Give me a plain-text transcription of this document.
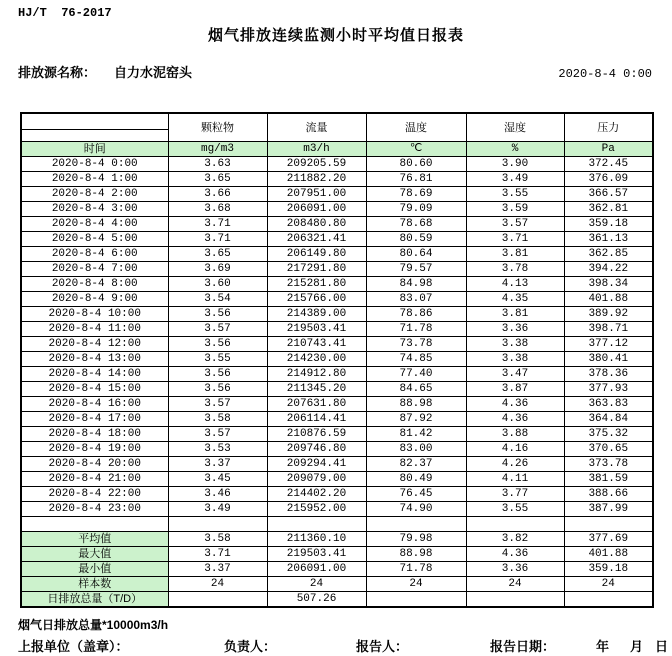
HJ/T  76-2017
烟气排放连续监测小时平均值日报表
排放源名称： 自力水泥窑头	2020-8-4 0:00
	颗粒物	流量	温度	湿度	压力

时间	mg/m3	m3/h	℃	%	Pa
2020-8-4 0:00	3.63	209205.59	80.60	3.90	372.45
2020-8-4 1:00	3.65	211882.20	76.81	3.49	376.09
2020-8-4 2:00	3.66	207951.00	78.69	3.55	366.57
2020-8-4 3:00	3.68	206091.00	79.09	3.59	362.81
2020-8-4 4:00	3.71	208480.80	78.68	3.57	359.18
2020-8-4 5:00	3.71	206321.41	80.59	3.71	361.13
2020-8-4 6:00	3.65	206149.80	80.64	3.81	362.85
2020-8-4 7:00	3.69	217291.80	79.57	3.78	394.22
2020-8-4 8:00	3.60	215281.80	84.98	4.13	398.34
2020-8-4 9:00	3.54	215766.00	83.07	4.35	401.88
2020-8-4 10:00	3.56	214389.00	78.86	3.81	389.92
2020-8-4 11:00	3.57	219503.41	71.78	3.36	398.71
2020-8-4 12:00	3.56	210743.41	73.78	3.38	377.12
2020-8-4 13:00	3.55	214230.00	74.85	3.38	380.41
2020-8-4 14:00	3.56	214912.80	77.40	3.47	378.36
2020-8-4 15:00	3.56	211345.20	84.65	3.87	377.93
2020-8-4 16:00	3.57	207631.80	88.98	4.36	363.83
2020-8-4 17:00	3.58	206114.41	87.92	4.36	364.84
2020-8-4 18:00	3.57	210876.59	81.42	3.88	375.32
2020-8-4 19:00	3.53	209746.80	83.00	4.16	370.65
2020-8-4 20:00	3.37	209294.41	82.37	4.26	373.78
2020-8-4 21:00	3.45	209079.00	80.49	4.11	381.59
2020-8-4 22:00	3.46	214402.20	76.45	3.77	388.66
2020-8-4 23:00	3.49	215952.00	74.90	3.55	387.99

平均值	3.58	211360.10	79.98	3.82	377.69
最大值	3.71	219503.41	88.98	4.36	401.88
最小值	3.37	206091.00	71.78	3.36	359.18
样本数	24	24	24	24	24
日排放总量（T/D）		507.26			
烟气日排放总量*10000m3/h
上报单位（盖章）：	负责人：	报告人：	报告日期：	年 月 日
